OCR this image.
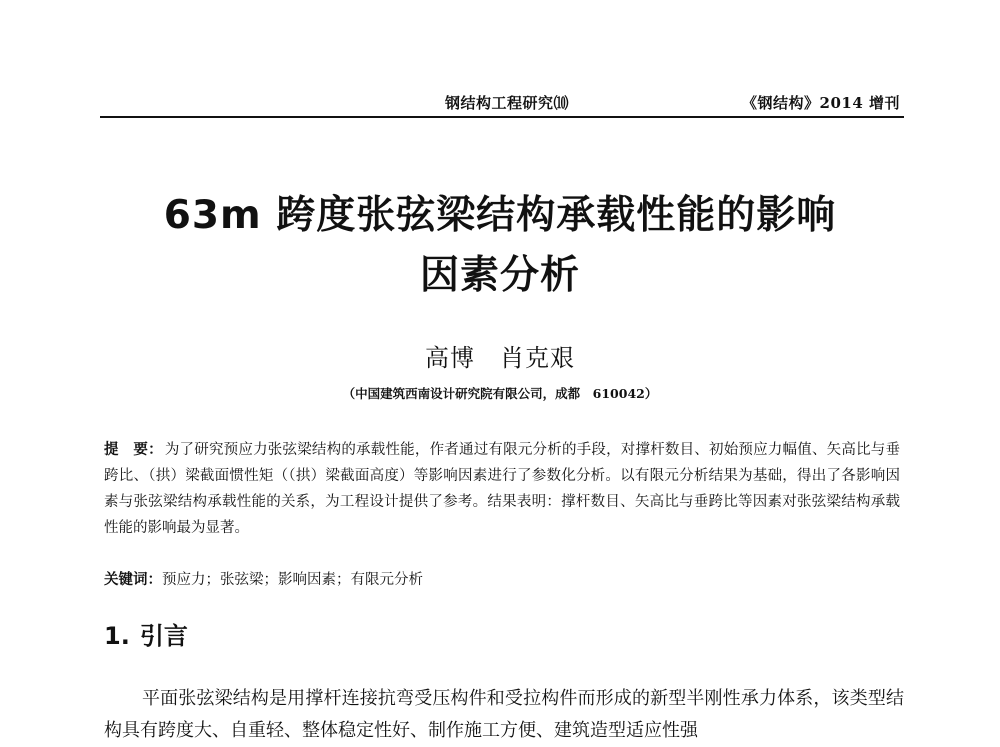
钢结构工程研究⑽	《钢结构》2014 增刊
63m 跨度张弦梁结构承载性能的影响
因素分析
高博　肖克艰
（中国建筑西南设计研究院有限公司，成都　610042）
提　要： 为了研究预应力张弦梁结构的承载性能，作者通过有限元分析的手段，对撑杆数目、初始预应力幅值、矢高比与垂跨比、（拱）梁截面惯性矩（（拱）梁截面高度）等影响因素进行了参数化分析。以有限元分析结果为基础，得出了各影响因素与张弦梁结构承载性能的关系，为工程设计提供了参考。结果表明：撑杆数目、矢高比与垂跨比等因素对张弦梁结构承载性能的影响最为显著。
关键词：预应力；张弦梁；影响因素；有限元分析
1. 引言
平面张弦梁结构是用撑杆连接抗弯受压构件和受拉构件而形成的新型半刚性承力体系，该类型结构具有跨度大、自重轻、整体稳定性好、制作施工方便、建筑造型适应性强
